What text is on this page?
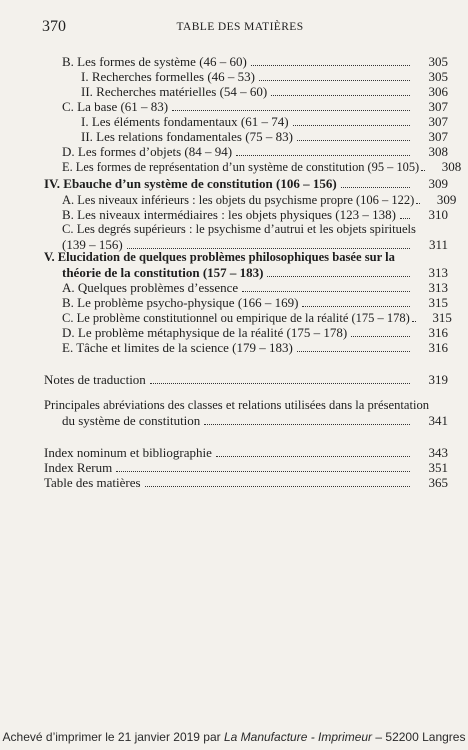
370	TABLE DES MATIÈRES
B. Les formes de système (46 – 60)	305
I. Recherches formelles (46 – 53)	305
II. Recherches matérielles (54 – 60)	306
C. La base (61 – 83)	307
I. Les éléments fondamentaux (61 – 74)	307
II. Les relations fondamentales (75 – 83)	307
D. Les formes d’objets (84 – 94)	308
E. Les formes de représentation d’un système de constitution (95 – 105)	308
IV. Ebauche d’un système de constitution (106 – 156)	309
A. Les niveaux inférieurs : les objets du psychisme propre (106 – 122)	309
B. Les niveaux intermédiaires : les objets physiques (123 – 138)	310
C. Les degrés supérieurs : le psychisme d’autrui et les objets spirituels
(139 – 156)	311
V. Elucidation de quelques problèmes philosophiques basée sur la
théorie de la constitution (157 – 183)	313
A. Quelques problèmes d’essence	313
B. Le problème psycho-physique (166 – 169)	315
C. Le problème constitutionnel ou empirique de la réalité (175 – 178)	315
D. Le problème métaphysique de la réalité (175 – 178)	316
E. Tâche et limites de la science (179 – 183)	316
Notes de traduction	319
Principales abréviations des classes et relations utilisées dans la présentation
du système de constitution	341
Index nominum et bibliographie	343
Index Rerum	351
Table des matières	365
Achevé d’imprimer le 21 janvier 2019 par La Manufacture - Imprimeur – 52200 Langres
